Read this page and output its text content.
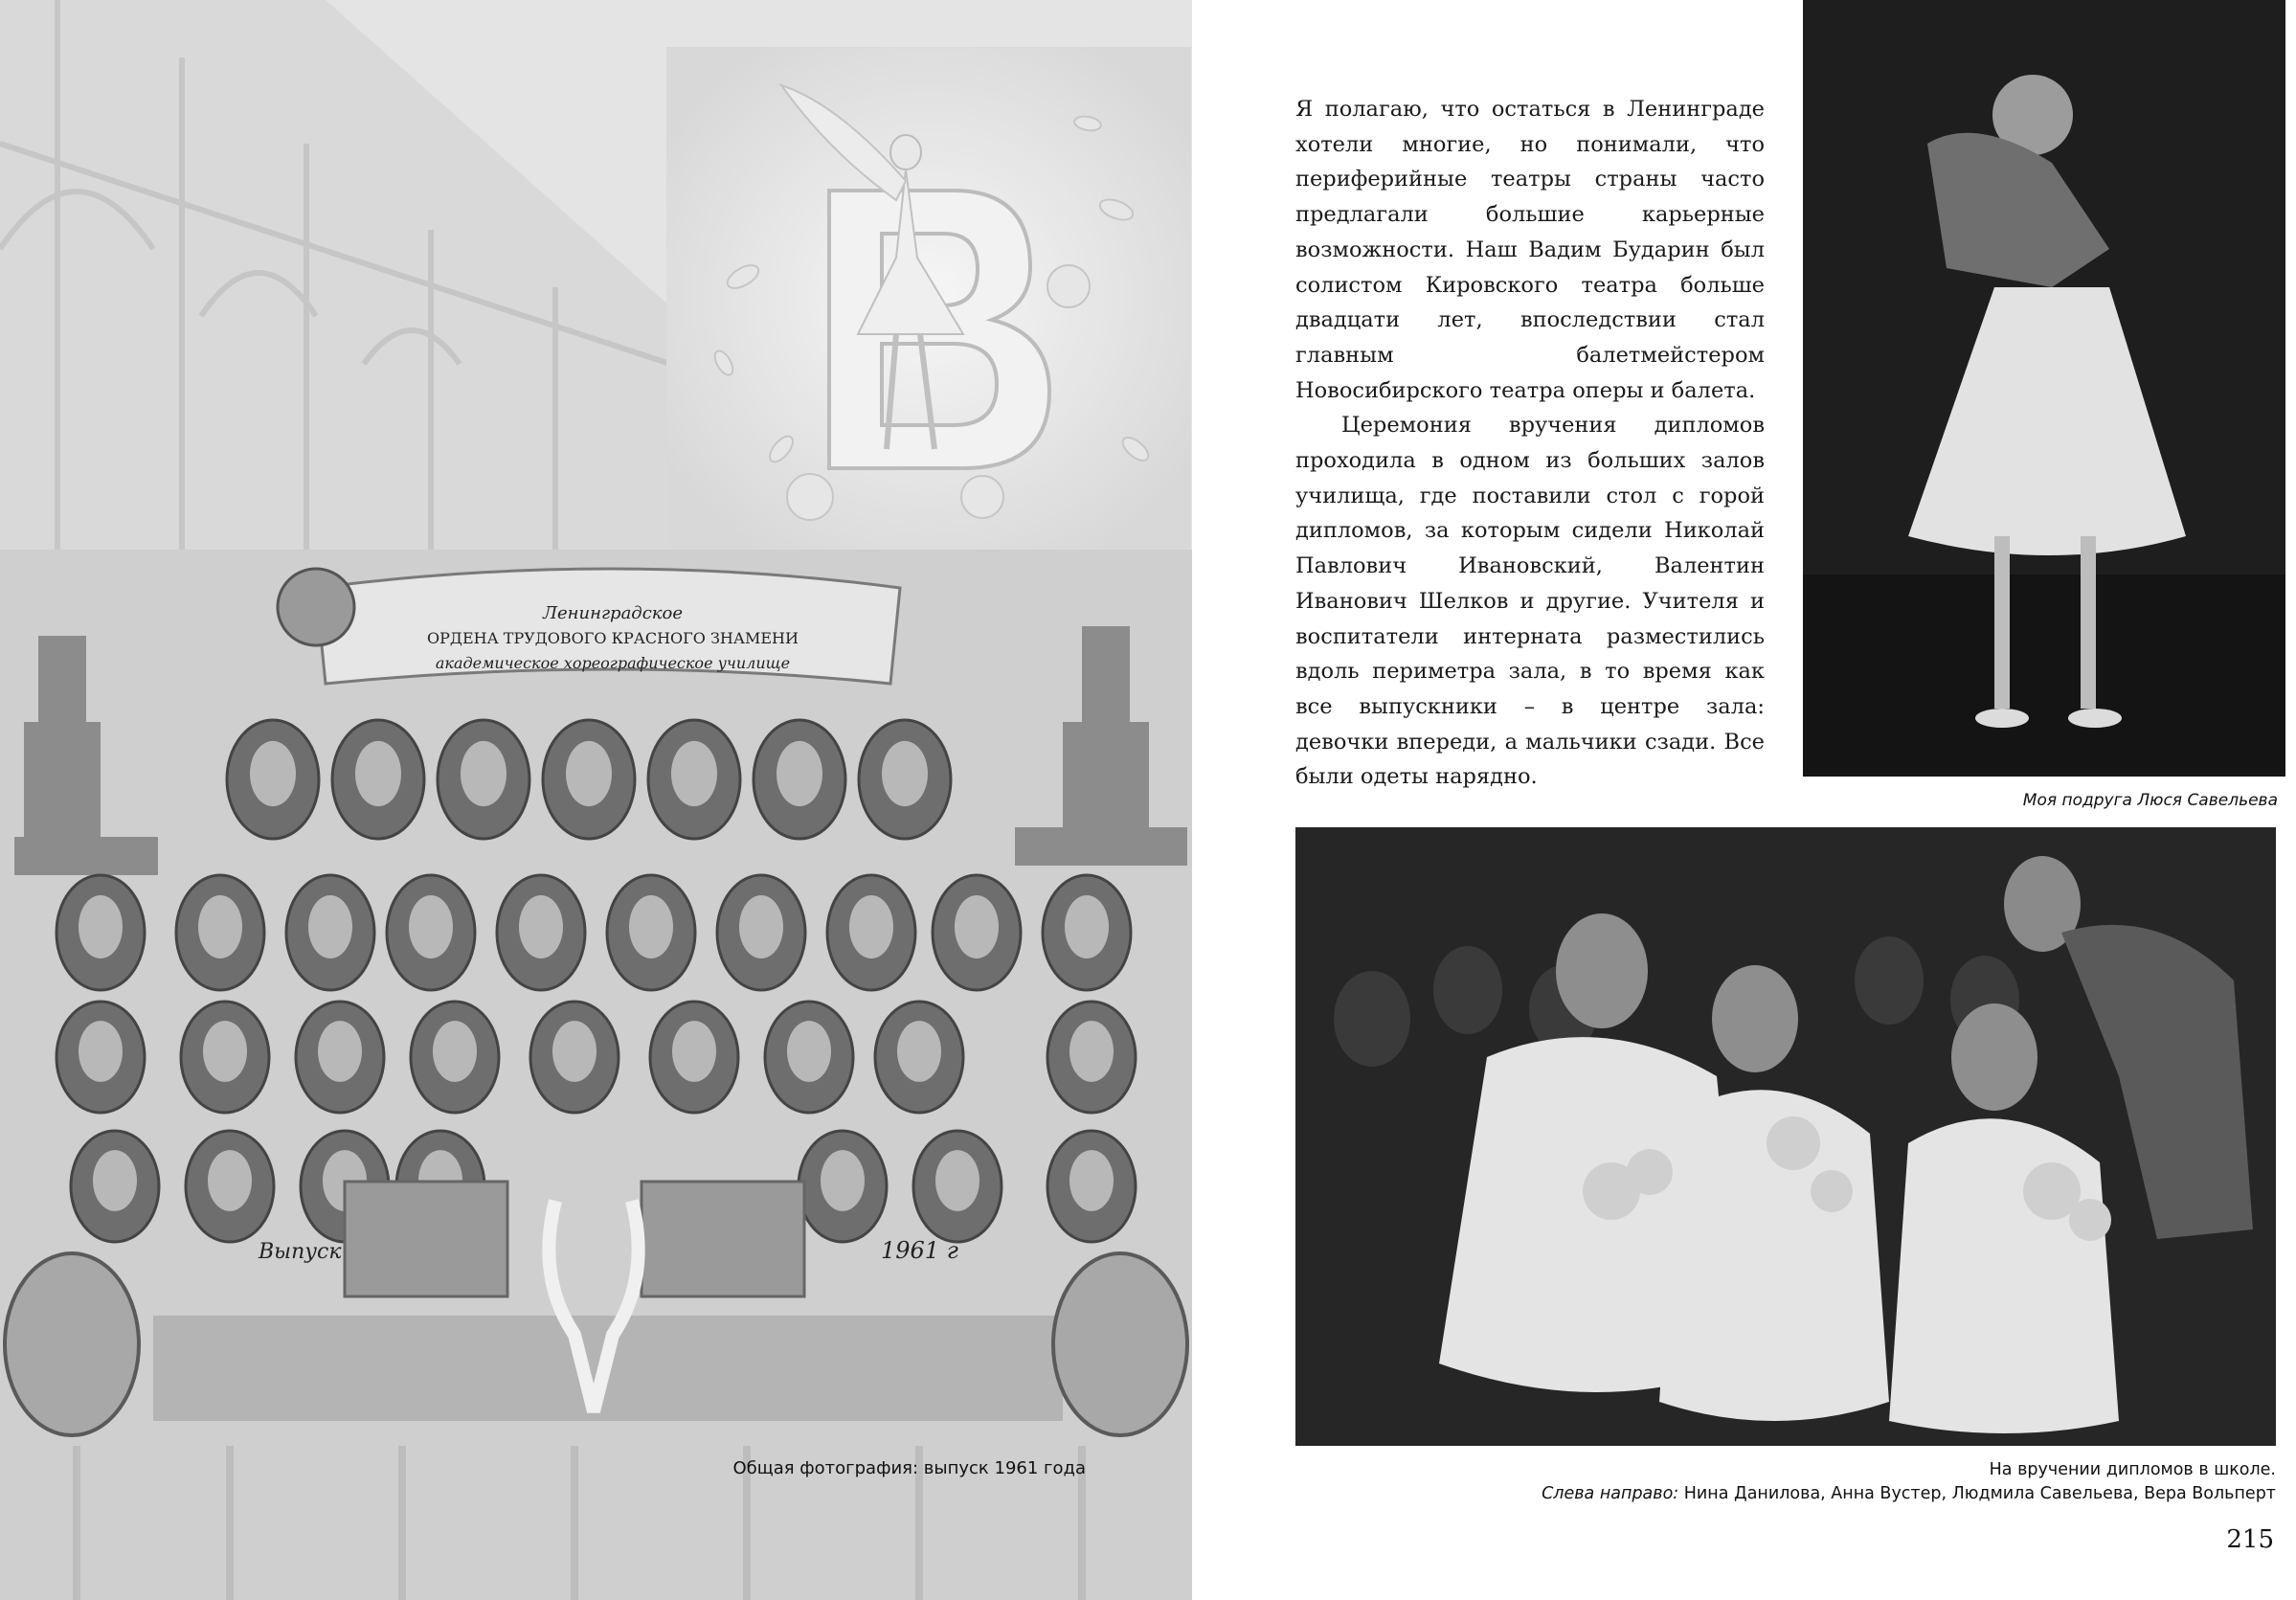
Ленинградское
ОРДЕНА ТРУДОВОГО КРАСНОГО ЗНАМЕНИ
академическое хореографическое училище
Выпуск	1961 г
Общая фотография: выпуск 1961 года

Я полагаю, что остаться в Ленинграде хотели многие, но понимали, что периферийные театры страны часто предлагали большие карьерные возможности. Наш Вадим Бударин был солистом Кировского театра больше двадцати лет, впоследствии стал главным балетмейстером Новосибирского театра оперы и балета.

Церемония вручения дипломов проходила в одном из больших залов училища, где поставили стол с горой дипломов, за которым сидели Николай Павлович Ивановский, Валентин Иванович Шелков и другие. Учителя и воспитатели интерната разместились вдоль периметра зала, в то время как все выпускники – в центре зала: девочки впереди, а мальчики сзади. Все были одеты нарядно.

Моя подруга Люся Савельева
На вручении дипломов в школе.
Слева направо: Нина Данилова, Анна Вустер, Людмила Савельева, Вера Вольперт
215
